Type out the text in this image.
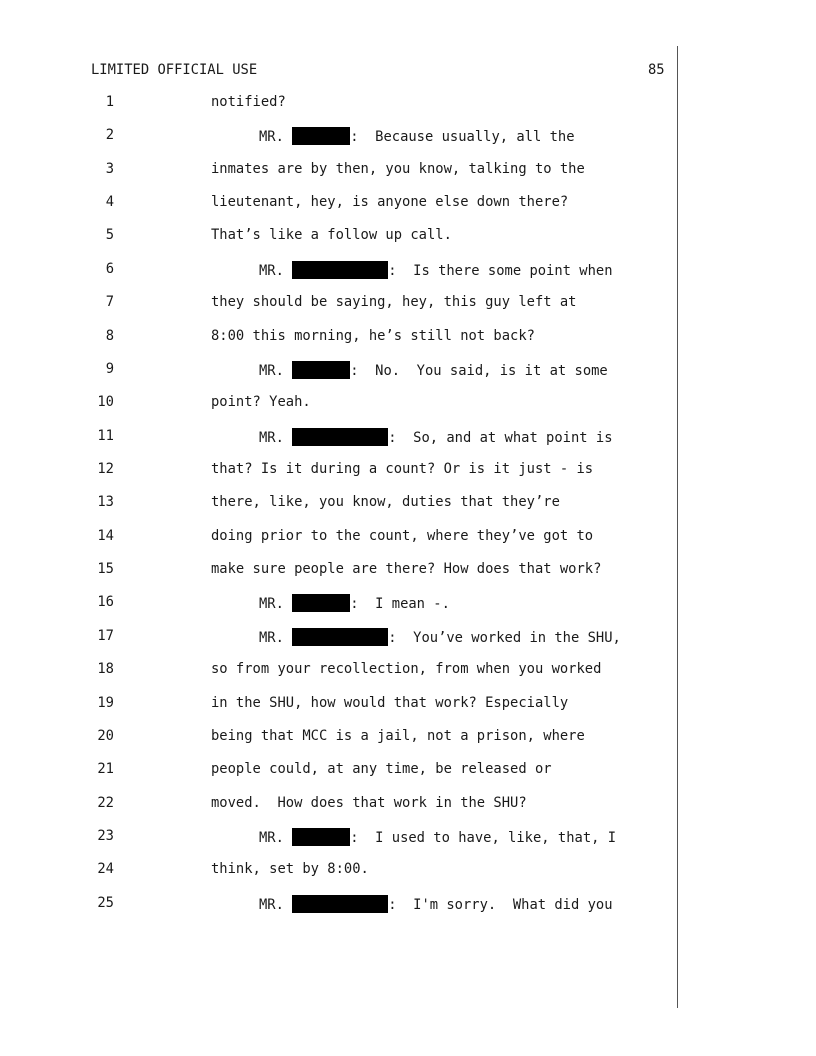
LIMITED OFFICIAL USE	85
1	notified?
2	MR.	:  Because usually, all the
3	inmates are by then, you know, talking to the
4	lieutenant, hey, is anyone else down there?
5	That’s like a follow up call.
6	MR.	:  Is there some point when
7	they should be saying, hey, this guy left at
8	8:00 this morning, he’s still not back?
9	MR.	:  No.  You said, is it at some
10	point? Yeah.
11	MR.	:  So, and at what point is
12	that? Is it during a count? Or is it just - is
13	there, like, you know, duties that they’re
14	doing prior to the count, where they’ve got to
15	make sure people are there? How does that work?
16	MR.	:  I mean -.
17	MR.	:  You’ve worked in the SHU,
18	so from your recollection, from when you worked
19	in the SHU, how would that work? Especially
20	being that MCC is a jail, not a prison, where
21	people could, at any time, be released or
22	moved.  How does that work in the SHU?
23	MR.	:  I used to have, like, that, I
24	think, set by 8:00.
25	MR.	:  I'm sorry.  What did you
